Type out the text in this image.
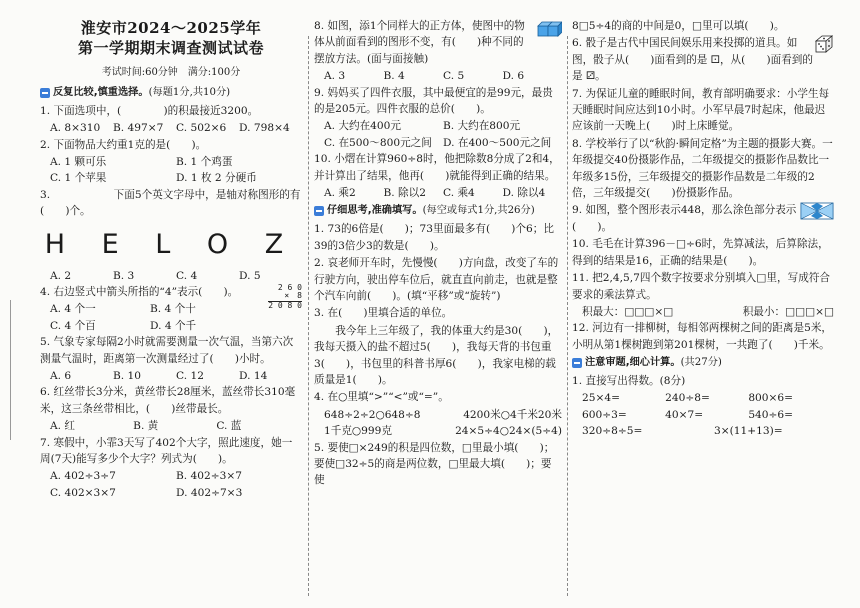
淮安市2024～2025学年
第一学期期末调查测试试卷
考试时间:60分钟　满分:100分
反复比较,慎重选择。 (每题1分,共10分)
1. 下面选项中，(　　　　)的积最接近3200。
A. 8×310	B. 497×7	C. 502×6	D. 798×4
2. 下面物品大约重1克的是(　　)。
A. 1 颗可乐	B. 1 个鸡蛋
C. 1 个苹果	D. 1 枚 2 分硬币
3.　　　　　　下面5个英文字母中，是轴对称图形的有(　　)个。
H E L O Z
A. 2	B. 3	C. 4	D. 5
2 6 0
×　8
2 0 8 0
4. 右边竖式中箭头所指的“4”表示(　　)。
A. 4 个一	B. 4 个十
C. 4 个百	D. 4 个千
5. 气象专家每隔2小时就需要测量一次气温，当第六次测量气温时，距离第一次测量经过了(　　)小时。
A. 6	B. 10	C. 12	D. 14
6. 红丝带长3分米，黄丝带长28厘米，蓝丝带长310毫米，这三条丝带相比，(　　)丝带最长。
A. 红	B. 黄	C. 蓝
7. 寒假中，小霏3天写了402个大字，照此速度，她一周(7天)能写多少个大字？列式为(　　)。
A. 402÷3÷7	B. 402÷3×7
C. 402×3×7	D. 402÷7×3
8. 如图，添1个同样大的正方体，使图中的物体从前面看到的图形不变，有(　　)种不同的摆放方法。(面与面接触)
A. 3	B. 4	C. 5	D. 6
9. 妈妈买了四件衣服，其中最便宜的是99元，最贵的是205元。四件衣服的总价(　　)。
A. 大约在400元	B. 大约在800元
C. 在500～800元之间	D. 在400～500元之间
10. 小熠在计算960÷8时，他把除数8分成了2和4，并计算出了结果，他再(　　)就能得到正确的结果。
A. 乘2	B. 除以2	C. 乘4	D. 除以4
仔细思考,准确填写。 (每空或每式1分,共26分)
1. 73的6倍是(　　)；73里面最多有(　　)个6；比39的3倍少3的数是(　　)。
2. 哀老师开车时，先慢慢(　　)方向盘，改变了车的行驶方向，驶出停车位后，就直直向前走，也就是整个汽车向前(　　)。(填“平移”或“旋转”)
3. 在(　　)里填合适的单位。
我今年上三年级了，我的体重大约是30(　　)，我每天摄入的盐不超过5(　　)，我每天背的书包重3(　　)，书包里的科普书厚6(　　)，我家电梯的载质量是1(　　)。
4. 在○里填“>”“<”或“=”。
648÷2÷2○648÷8	4200米○4千米20米
1千克○999克	24×5÷4○24×(5÷4)
5. 要使□×249的积是四位数，□里最小填(　　)；要使□32÷5的商是两位数，□里最大填(　　)；要使
8□5÷4的商的中间是0，□里可以填(　　)。
6. 骰子是古代中国民间娱乐用来投掷的道具。如图，骰子从(　　)面看到的是 ⚀，从(　　)面看到的是 ⚂。
7. 为保证儿童的睡眠时间，教育部明确要求：小学生每天睡眠时间应达到10小时。小军早晨7时起床，他最迟应该前一天晚上(　　)时上床睡觉。
8. 学校举行了以“秋韵·瞬间定格”为主题的摄影大赛。一年级提交40份摄影作品，二年级提交的摄影作品数比一年级多15份，三年级提交的摄影作品数是二年级的2倍，三年级提交(　　)份摄影作品。
9. 如图，整个图形表示448，那么涂色部分表示(　　)。
10. 毛毛在计算396－□÷6时，先算减法，后算除法，得到的结果是16，正确的结果是(　　)。
11. 把2,4,5,7四个数字按要求分别填入□里，写成符合要求的乘法算式。
积最大：□□□×□	积最小：□□□×□
12. 河边有一排柳树，每相邻两棵树之间的距离是5米，小明从第1棵树跑到第201棵树，一共跑了(　　)千米。
注意审题,细心计算。 (共27分)
1. 直接写出得数。(8分)
25×4=	240÷8=	800×6=
600÷3=	40×7=	540÷6=
320÷8÷5=	3×(11+13)=
